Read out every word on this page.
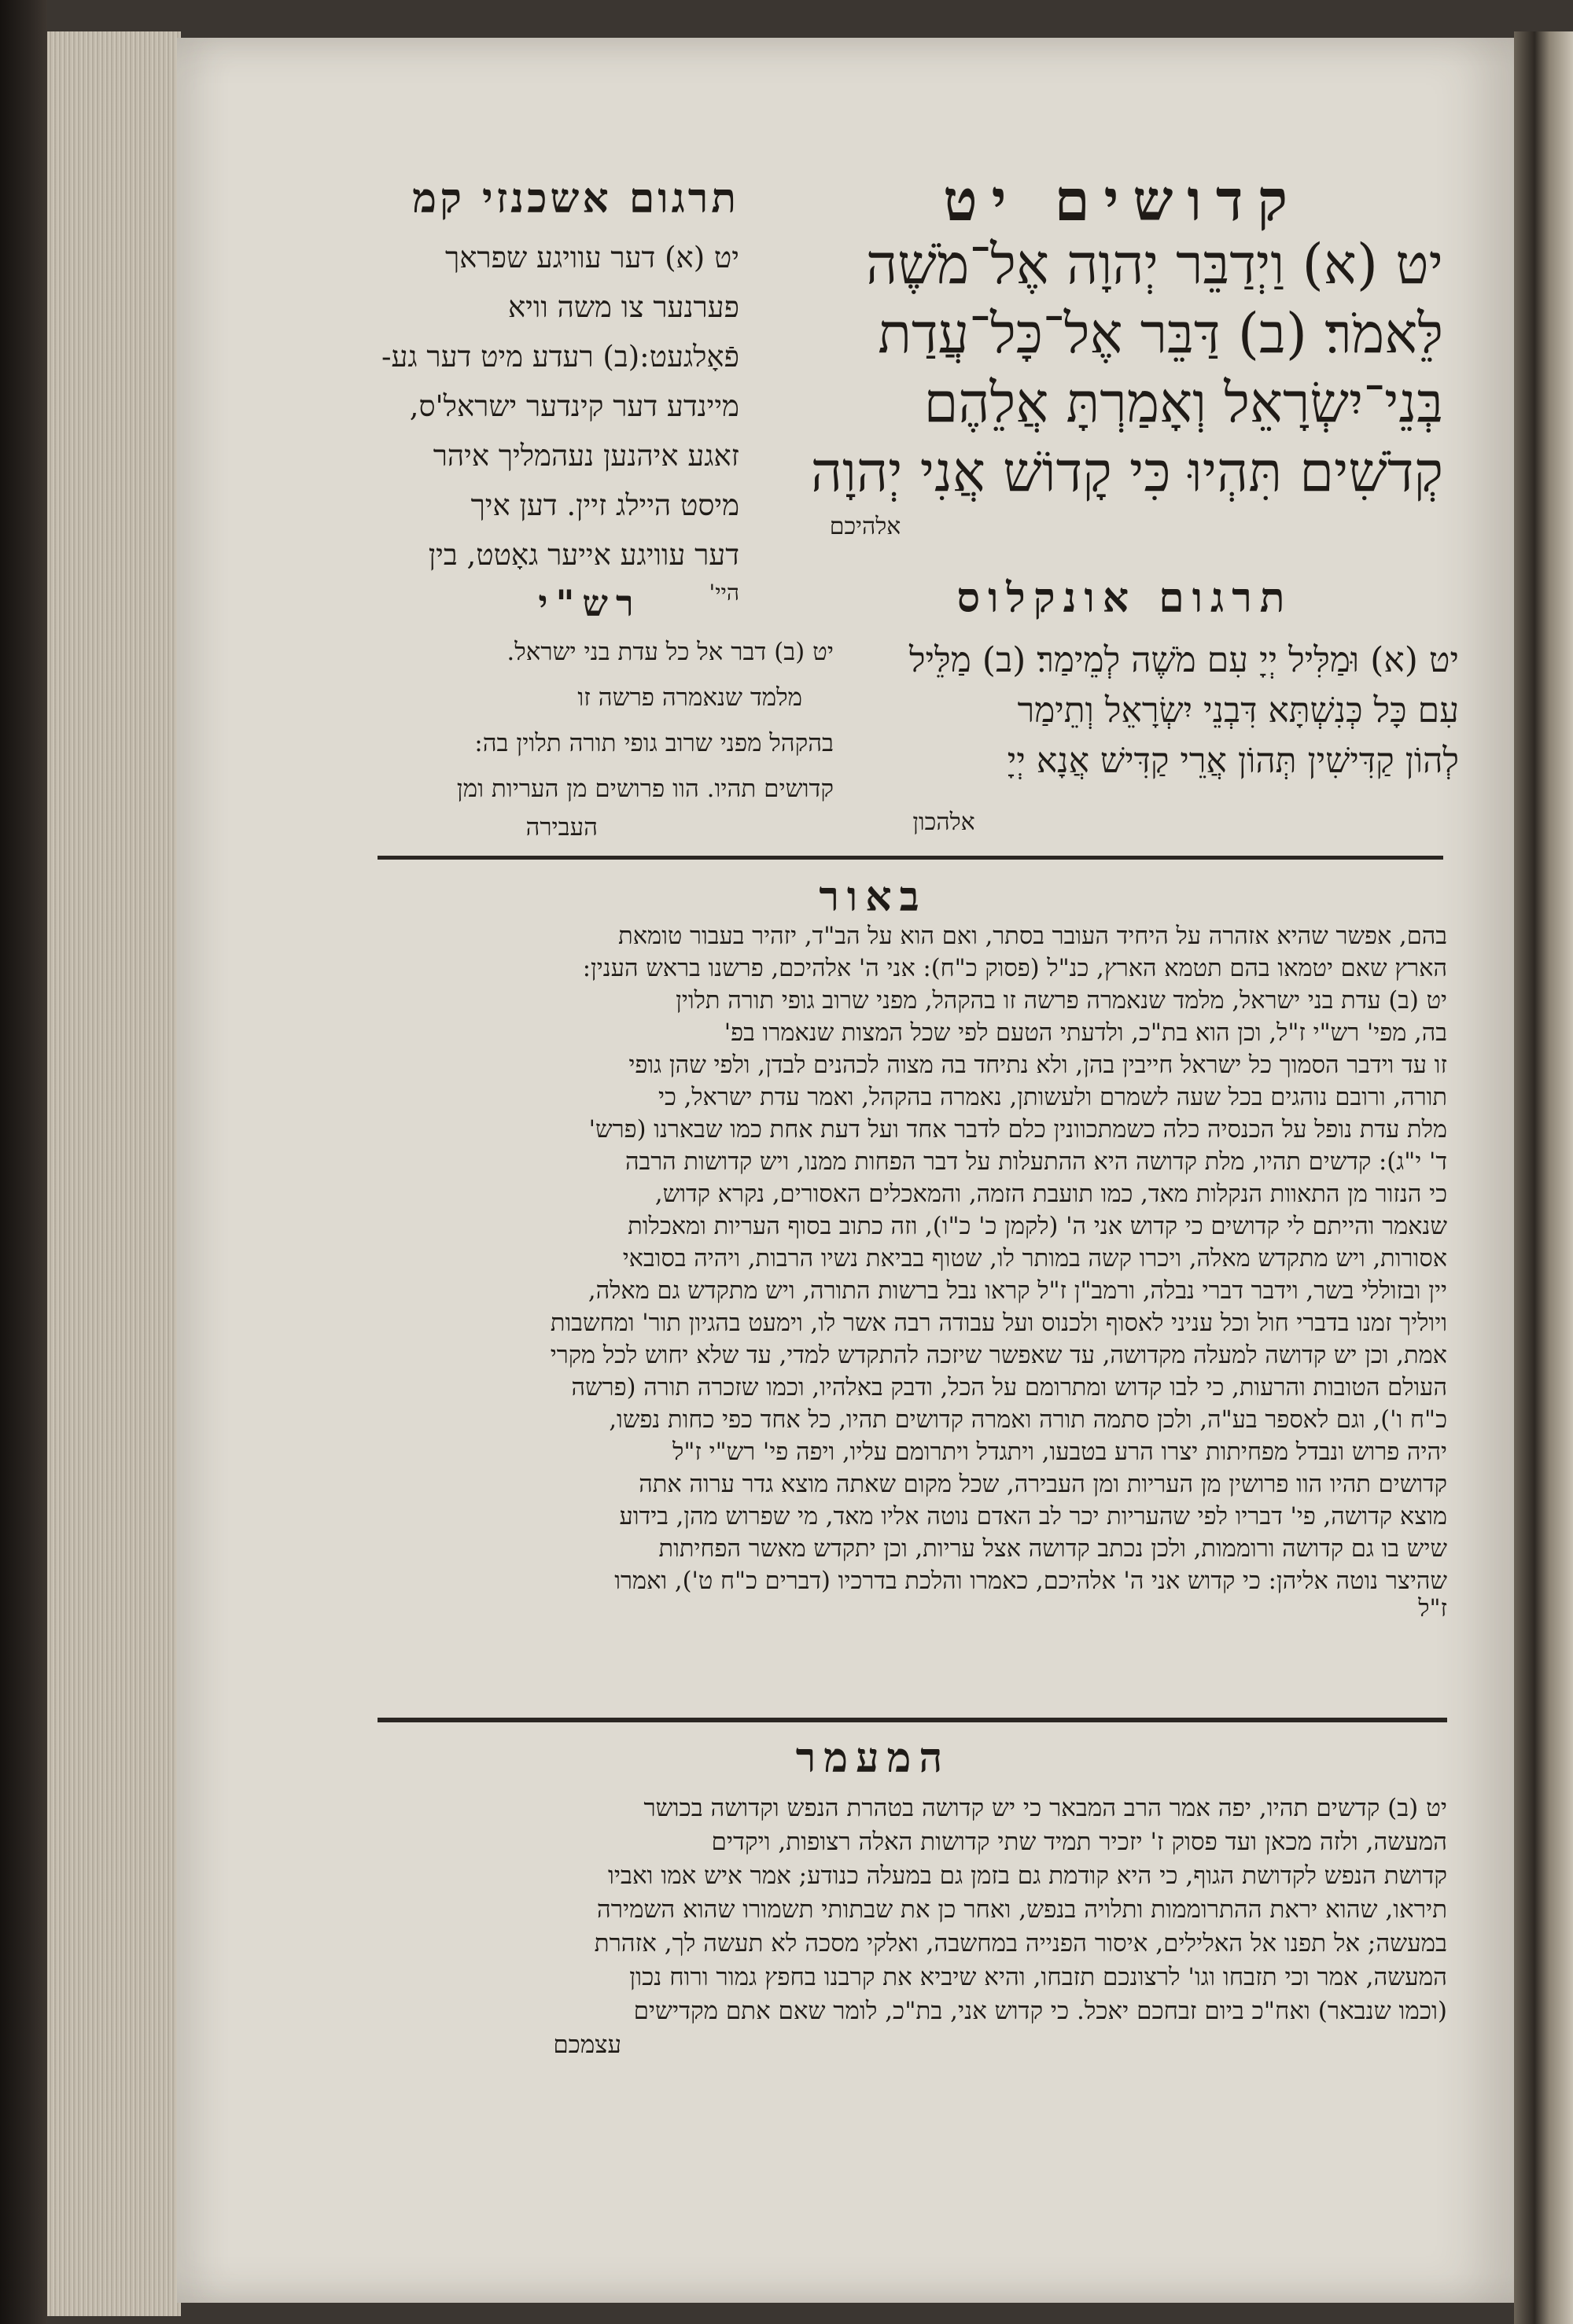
קדושים יט
תרגום אשכנזי קמ
יט (א) וַיְדַבֵּר יְהוָה אֶל־מֹשֶׁה
לֵּאמֹר׃ (ב) דַּבֵּר אֶל־כָּל־עֲדַת
בְּנֵי־יִשְׂרָאֵל וְאָמַרְתָּ אֲלֵהֶם
קְדֹשִׁים תִּהְיוּ כִּי קָדוֹשׁ אֲנִי יְהוָה
אלהיכם
יט (א) דער עוויגע שפראך
פערנער צו משה וויא
פֿאָלגעט:(ב) רעדע מיט דער גע-
מיינדע דער קינדער ישראל'ס,
זאגע איהנען נעהמליך איהר
מיסט היילג זיין. דען איך
דער עוויגע אייער גאָטט, בין
היי'	תרגום אונקלוס
יט (א) וּמַלִּיל יְיָ עִם מֹשֶׁה לְמֵימַר׃ (ב) מַלֵּיל
עִם כָּל כְּנִשְׁתָּא דִּבְנֵי יִשְׂרָאֵל וְתֵימַר
לְהוֹן קַדִּישִׁין תְּהוֹן אֲרֵי קַדִּישׁ אֲנָא יְיָ
אלהכון
רש"י
יט (ב) דבר אל כל עדת בני ישראל.
מלמד שנאמרה פרשה זו
בהקהל מפני שרוב גופי תורה תלוין בה:
קדושים תהיו. הוו פרושים מן העריות ומן
העבירה
באור
בהם, אפשר שהיא אזהרה על היחיד העובר בסתר, ואם הוא על הב"ד, יזהיר בעבור טומאת
הארץ שאם יטמאו בהם תטמא הארץ, כנ"ל (פסוק כ"ח): אני ה' אלהיכם, פרשנו בראש הענין:
יט (ב) עדת בני ישראל, מלמד שנאמרה פרשה זו בהקהל, מפני שרוב גופי תורה תלוין
בה, מפי' רש"י ז"ל, וכן הוא בת"כ, ולדעתי הטעם לפי שכל המצות שנאמרו בפ'
זו עד וידבר הסמוך כל ישראל חייבין בהן, ולא נתיחד בה מצוה לכהנים לבדן, ולפי שהן גופי
תורה, ורובם נוהגים בכל שעה לשמרם ולעשותן, נאמרה בהקהל, ואמר עדת ישראל, כי
מלת עדת נופל על הכנסיה כלה כשמתכוונין כלם לדבר אחד ועל דעת אחת כמו שבארנו (פרש'
ד' י"ג): קדשים תהיו, מלת קדושה היא ההתעלות על דבר הפחות ממנו, ויש קדושות הרבה
כי הנזור מן התאוות הנקלות מאד, כמו תועבת הזמה, והמאכלים האסורים, נקרא קדוש,
שנאמר והייתם לי קדושים כי קדוש אני ה' (לקמן כ' כ"ו), וזה כתוב בסוף העריות ומאכלות
אסורות, ויש מתקדש מאלה, ויכרו קשה במותר לו, שטוף בביאת נשיו הרבות, ויהיה בסובאי
יין ובזוללי בשר, וידבר דברי נבלה, ורמב"ן ז"ל קראו נבל ברשות התורה, ויש מתקדש גם מאלה,
ויוליך זמנו בדברי חול וכל עניני לאסוף ולכנוס ועל עבודה רבה אשר לו, וימעט בהגיון תור' ומחשבות
אמת, וכן יש קדושה למעלה מקדושה, עד שאפשר שיזכה להתקדש למדי, עד שלא יחוש לכל מקרי
העולם הטובות והרעות, כי לבו קדוש ומתרומם על הכל, ודבק באלהיו, וכמו שזכרה תורה (פרשה
כ"ח ו'), וגם לאספר בע"ה, ולכן סתמה תורה ואמרה קדושים תהיו, כל אחד כפי כחות נפשו,
יהיה פרוש ונבדל מפחיתות יצרו הרע בטבעו, ויתגדל ויתרומם עליו, ויפה פי' רש"י ז"ל
קדושים תהיו הוו פרושין מן העריות ומן העבירה, שכל מקום שאתה מוצא גדר ערוה אתה
מוצא קדושה, פי' דבריו לפי שהעריות יכר לב האדם נוטה אליו מאד, מי שפרוש מהן, בידוע
שיש בו גם קדושה ורוממות, ולכן נכתב קדושה אצל עריות, וכן יתקדש מאשר הפחיתות
שהיצר נוטה אליהן: כי קדוש אני ה' אלהיכם, כאמרו והלכת בדרכיו (דברים כ"ח ט'), ואמרו
ז"ל
המעמר
יט (ב) קדשים תהיו, יפה אמר הרב המבאר כי יש קדושה בטהרת הנפש וקדושה בכושר
המעשה, ולזה מכאן ועד פסוק ז' יזכיר תמיד שתי קדושות האלה רצופות, ויקדים
קדושת הנפש לקדושת הגוף, כי היא קודמת גם בזמן גם במעלה כנודע; אמר איש אמו ואביו
תיראו, שהוא יראת ההתרוממות ותלויה בנפש, ואחר כן את שבתותי תשמורו שהוא השמירה
במעשה; אל תפנו אל האלילים, איסור הפנייה במחשבה, ואלקי מסכה לא תעשה לך, אזהרת
המעשה, אמר וכי תזבחו וגו' לרצונכם תזבחו, והיא שיביא את קרבנו בחפץ גמור ורוח נכון
(וכמו שנבאר) ואח"כ ביום זבחכם יאכל. כי קדוש אני, בת"כ, לומר שאם אתם מקדישים
עצמכם
